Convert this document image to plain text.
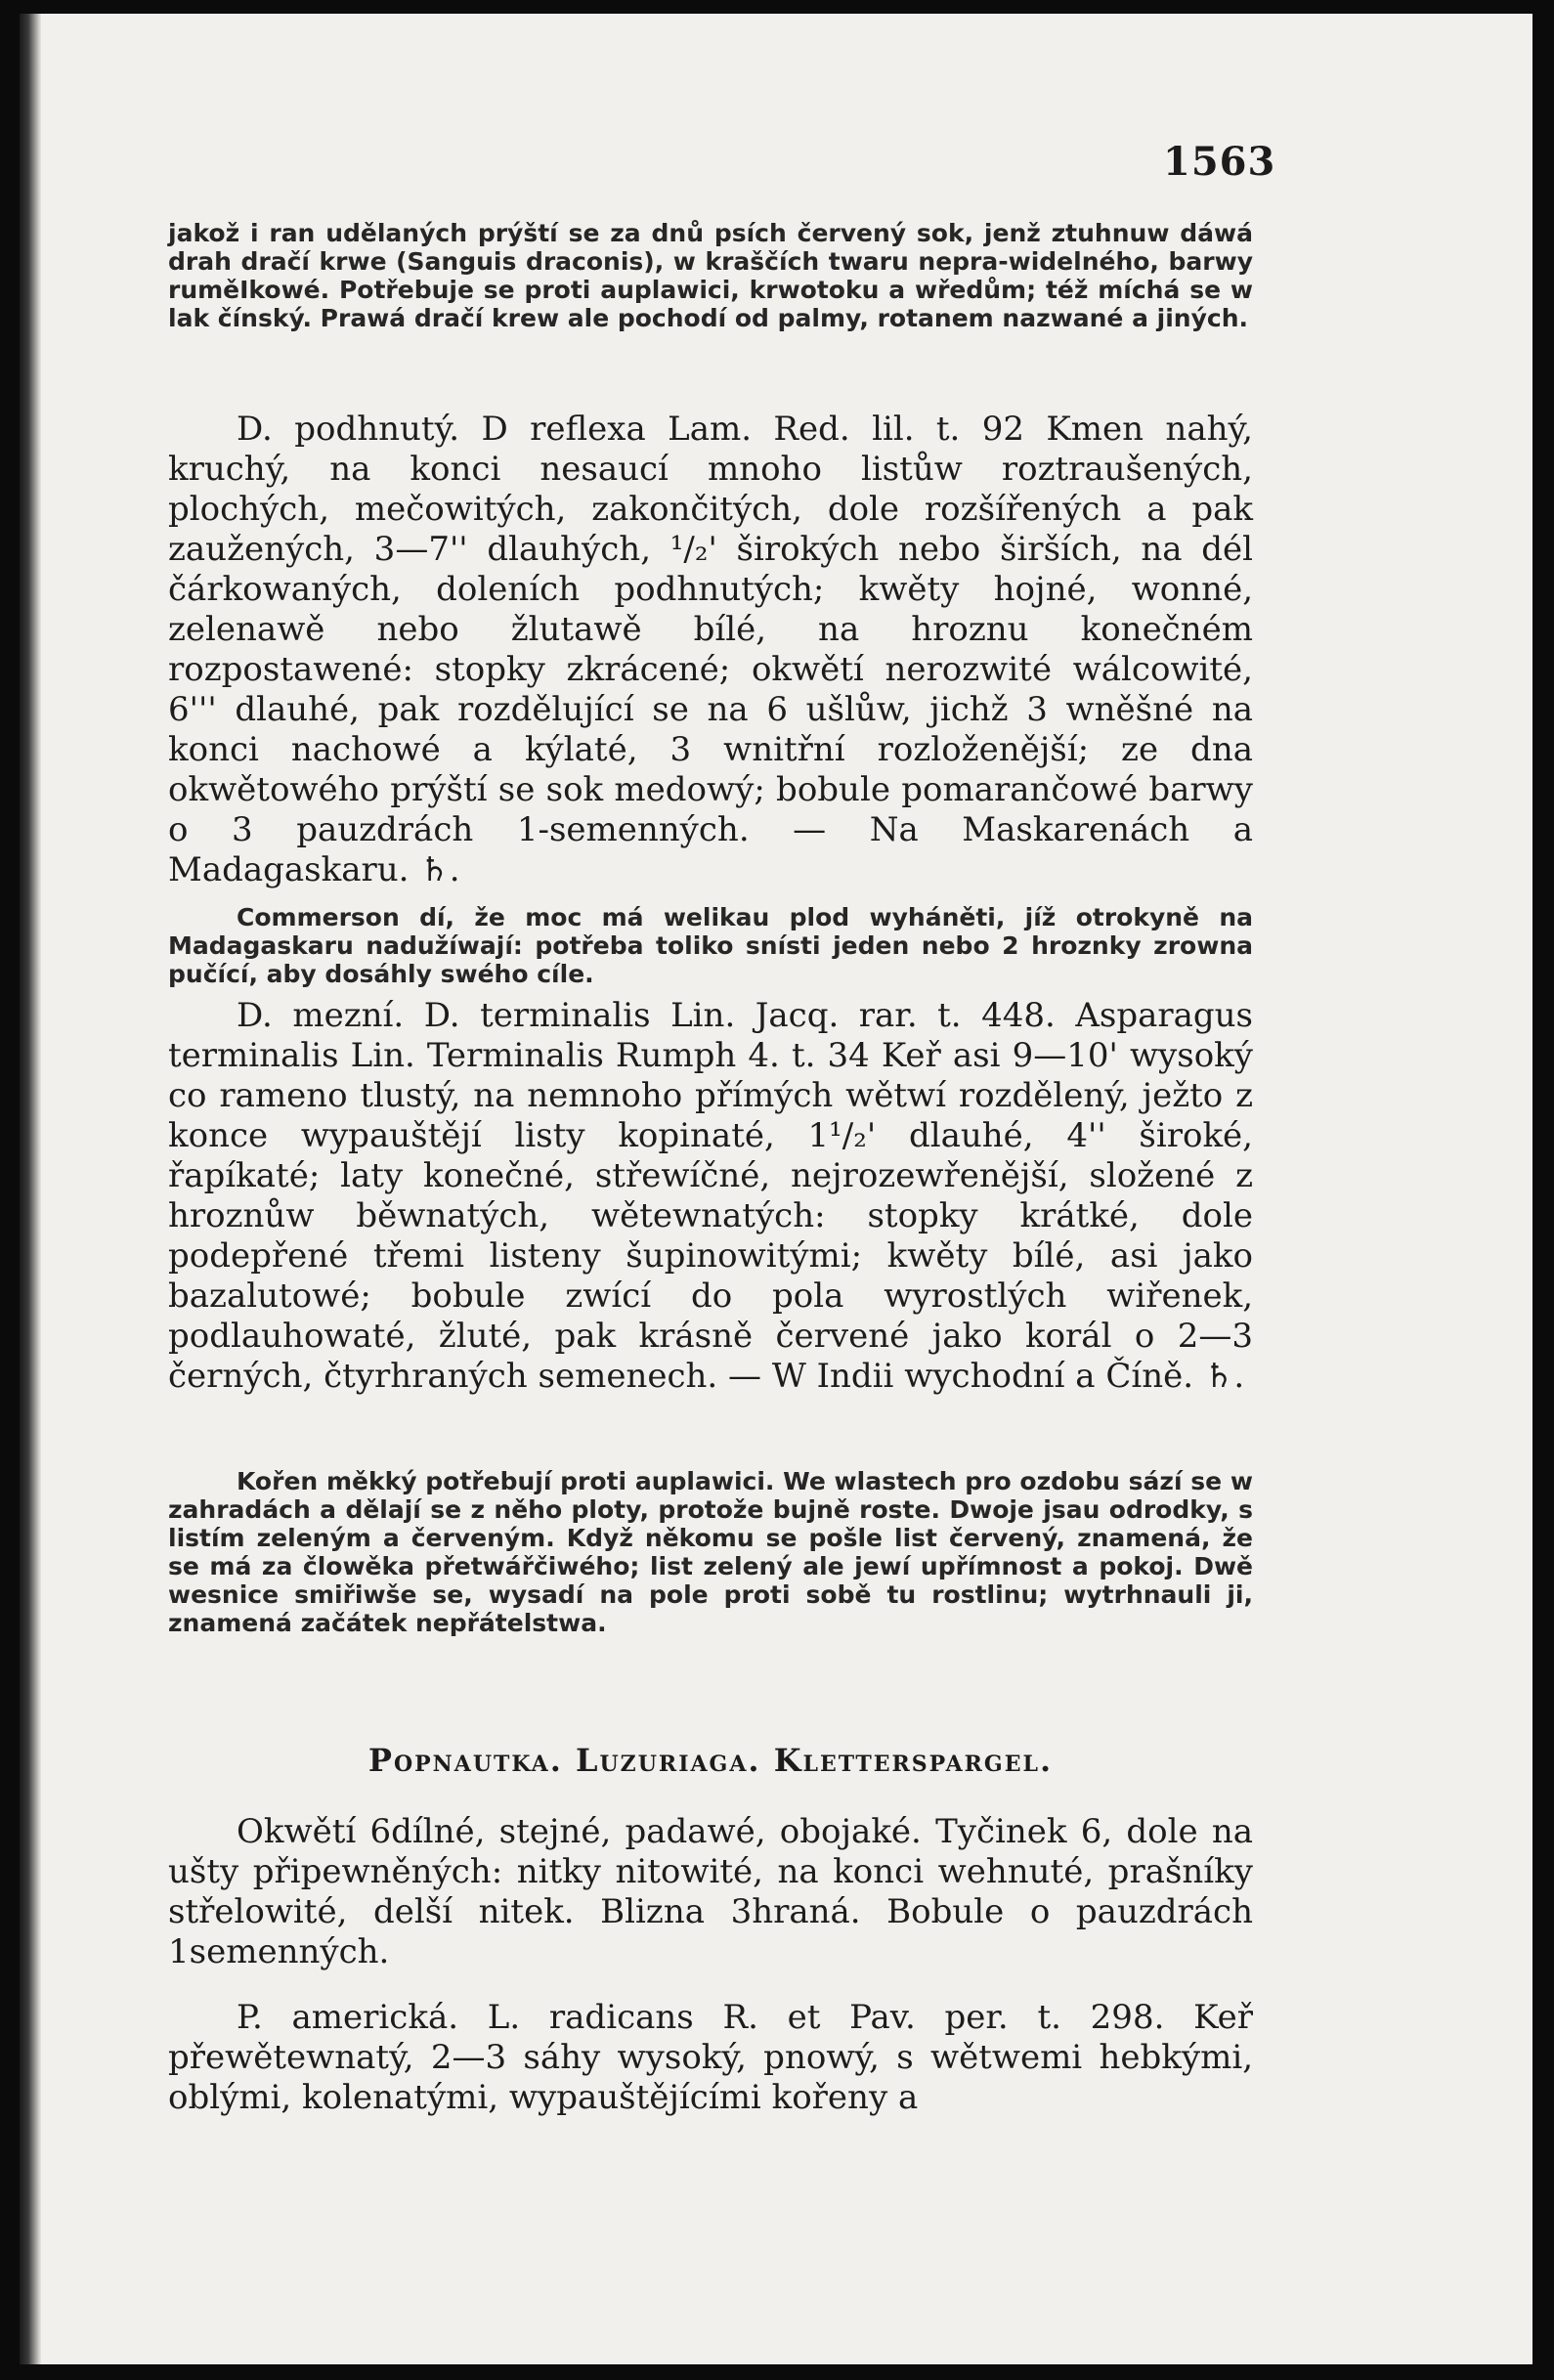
1563

jakož i ran udělaných prýští se za dnů psích červený sok, jenž ztuhnuw dáwá drah dračí krwe (Sanguis draconis), w kraščích twaru nepra-widelného, barwy ruměIkowé. Potřebuje se proti auplawici, krwotoku a wředům; též míchá se w lak čínský. Prawá dračí krew ale pochodí od palmy, rotanem nazwané a jiných.

D. podhnutý. D reflexa Lam. Red. lil. t. 92 Kmen nahý, kruchý, na konci nesaucí mnoho listůw roztraušených, plochých, mečowitých, zakončitých, dole rozšířených a pak zaužených, 3—7'' dlauhých, ¹/₂' širokých nebo širších, na dél čárkowaných, doleních podhnutých; kwěty hojné, wonné, zelenawě nebo žlutawě bílé, na hroznu konečném rozpostawené: stopky zkrácené; okwětí nerozwité wálcowité, 6''' dlauhé, pak rozdělující se na 6 ušlůw, jichž 3 wněšné na konci nachowé a kýlaté, 3 wnitřní rozloženější; ze dna okwětowého prýští se sok medowý; bobule pomarančowé barwy o 3 pauzdrách 1-semenných. — Na Maskarenách a Madagaskaru. ♄.

Commerson dí, že moc má welikau plod wyháněti, jíž otrokyně na Madagaskaru nadužíwají: potřeba toliko snísti jeden nebo 2 hroznky zrowna pučící, aby dosáhly swého cíle.

D. mezní. D. terminalis Lin. Jacq. rar. t. 448. Asparagus terminalis Lin. Terminalis Rumph 4. t. 34 Keř asi 9—10' wysoký co rameno tlustý, na nemnoho přímých wětwí rozdělený, ježto z konce wypauštějí listy kopinaté, 1¹/₂' dlauhé, 4'' široké, řapíkaté; laty konečné, střewíčné, nejrozewřenější, složené z hroznůw běwnatých, wětewnatých: stopky krátké, dole podepřené třemi listeny šupinowitými; kwěty bílé, asi jako bazalutowé; bobule zwící do pola wyrostlých wiřenek, podlauhowaté, žluté, pak krásně červené jako korál o 2—3 černých, čtyrhraných semenech. — W Indii wychodní a Číně. ♄.

Kořen měkký potřebují proti auplawici. We wlastech pro ozdobu sází se w zahradách a dělají se z něho ploty, protože bujně roste. Dwoje jsau odrodky, s listím zeleným a červeným. Když někomu se pošle list červený, znamená, že se má za člowěka přetwářčiwého; list zelený ale jewí upřímnost a pokoj. Dwě wesnice smiřiwše se, wysadí na pole proti sobě tu rostlinu; wytrhnauli ji, znamená začátek nepřátelstwa.

Popnautka. Luzuriaga. Kletterspargel.

Okwětí 6dílné, stejné, padawé, obojaké. Tyčinek 6, dole na ušty připewněných: nitky nitowité, na konci wehnuté, prašníky střelowité, delší nitek. Blizna 3hraná. Bobule o pauzdrách 1semenných.

P. americká. L. radicans R. et Pav. per. t. 298. Keř přewětewnatý, 2—3 sáhy wysoký, pnowý, s wětwemi hebkými, oblými, kolenatými, wypauštějícími kořeny a
